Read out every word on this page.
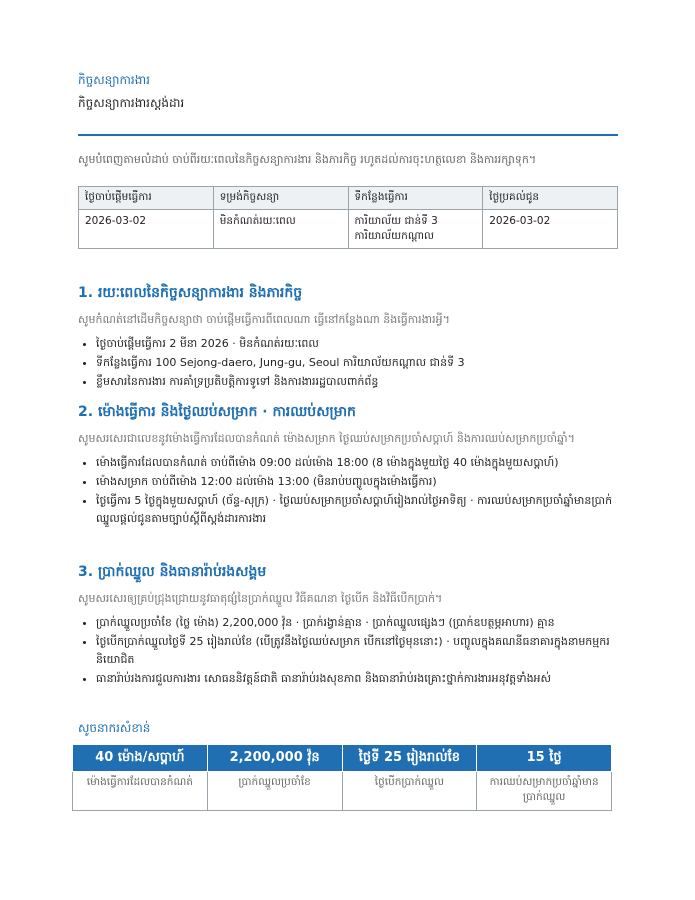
កិច្ចសន្យាការងារ
កិច្ចសន្យាការងារស្តង់ដារ
សូមបំពេញតាមលំដាប់ ចាប់ពីរយៈពេលនៃកិច្ចសន្យាការងារ និងភារកិច្ច រហូតដល់ការចុះហត្ថលេខា និងការរក្សាទុក។
ថ្ងៃចាប់ផ្តើមធ្វើការ	ទម្រង់កិច្ចសន្យា	ទីកន្លែងធ្វើការ	ថ្ងៃប្រគល់ជូន
2026-03-02	មិនកំណត់រយៈពេល	ការិយាល័យ ជាន់ទី 3 ការិយាល័យកណ្តាល	2026-03-02
1. រយៈពេលនៃកិច្ចសន្យាការងារ និងភារកិច្ច

សូមកំណត់នៅដើមកិច្ចសន្យាថា ចាប់ផ្តើមធ្វើការពីពេលណា ធ្វើនៅកន្លែងណា និងធ្វើការងារអ្វី។

• ថ្ងៃចាប់ផ្តើមធ្វើការ 2 មីនា 2026 · មិនកំណត់រយៈពេល
• ទីកន្លែងធ្វើការ 100 Sejong-daero, Jung-gu, Seoul ការិយាល័យកណ្តាល ជាន់ទី 3
• ខ្លឹមសារនៃការងារ ការគាំទ្រប្រតិបត្តិការទូទៅ និងការងាររដ្ឋបាលពាក់ព័ន្ធ
2. ម៉ោងធ្វើការ និងថ្ងៃឈប់សម្រាក · ការឈប់សម្រាក

សូមសរសេរជាលេខនូវម៉ោងធ្វើការដែលបានកំណត់ ម៉ោងសម្រាក ថ្ងៃឈប់សម្រាកប្រចាំសប្តាហ៍ និងការឈប់សម្រាកប្រចាំឆ្នាំ។

• ម៉ោងធ្វើការដែលបានកំណត់ ចាប់ពីម៉ោង 09:00 ដល់ម៉ោង 18:00 (8 ម៉ោងក្នុងមួយថ្ងៃ 40 ម៉ោងក្នុងមួយសប្តាហ៍)
• ម៉ោងសម្រាក ចាប់ពីម៉ោង 12:00 ដល់ម៉ោង 13:00 (មិនរាប់បញ្ចូលក្នុងម៉ោងធ្វើការ)
• ថ្ងៃធ្វើការ 5 ថ្ងៃក្នុងមួយសប្តាហ៍ (ច័ន្ទ-សុក្រ) · ថ្ងៃឈប់សម្រាកប្រចាំសប្តាហ៍រៀងរាល់ថ្ងៃអាទិត្យ · ការឈប់សម្រាកប្រចាំឆ្នាំមានប្រាក់ឈ្នួលផ្តល់ជូនតាមច្បាប់ស្តីពីស្តង់ដារការងារ
3. ប្រាក់ឈ្នួល និងធានារ៉ាប់រងសង្គម

សូមសរសេរឲ្យគ្រប់ជ្រុងជ្រោយនូវធាតុផ្សំនៃប្រាក់ឈ្នួល វិធីគណនា ថ្ងៃបើក និងវិធីបើកប្រាក់។

• ប្រាក់ឈ្នួលប្រចាំខែ (ថ្លៃ ម៉ោង) 2,200,000 វ៉ុន · ប្រាក់រង្វាន់គ្មាន · ប្រាក់ឈ្នួលផ្សេងៗ (ប្រាក់ឧបត្ថម្ភអាហារ) គ្មាន
• ថ្ងៃបើកប្រាក់ឈ្នួលថ្ងៃទី 25 រៀងរាល់ខែ (បើត្រូវនឹងថ្ងៃឈប់សម្រាក បើកនៅថ្ងៃមុននោះ) · បញ្ចូលក្នុងគណនីធនាគារក្នុងនាមកម្មករនិយោជិត
• ធានារ៉ាប់រងការជួលការងារ សោធននិវត្តន៍ជាតិ ធានារ៉ាប់រងសុខភាព និងធានារ៉ាប់រងគ្រោះថ្នាក់ការងារអនុវត្តទាំងអស់
សូចនាករសំខាន់
40 ម៉ោង/សប្តាហ៍	2,200,000 វ៉ុន	ថ្ងៃទី 25 រៀងរាល់ខែ	15 ថ្ងៃ
ម៉ោងធ្វើការដែលបានកំណត់	ប្រាក់ឈ្នួលប្រចាំខែ	ថ្ងៃបើកប្រាក់ឈ្នួល	ការឈប់សម្រាកប្រចាំឆ្នាំមានប្រាក់ឈ្នួល
